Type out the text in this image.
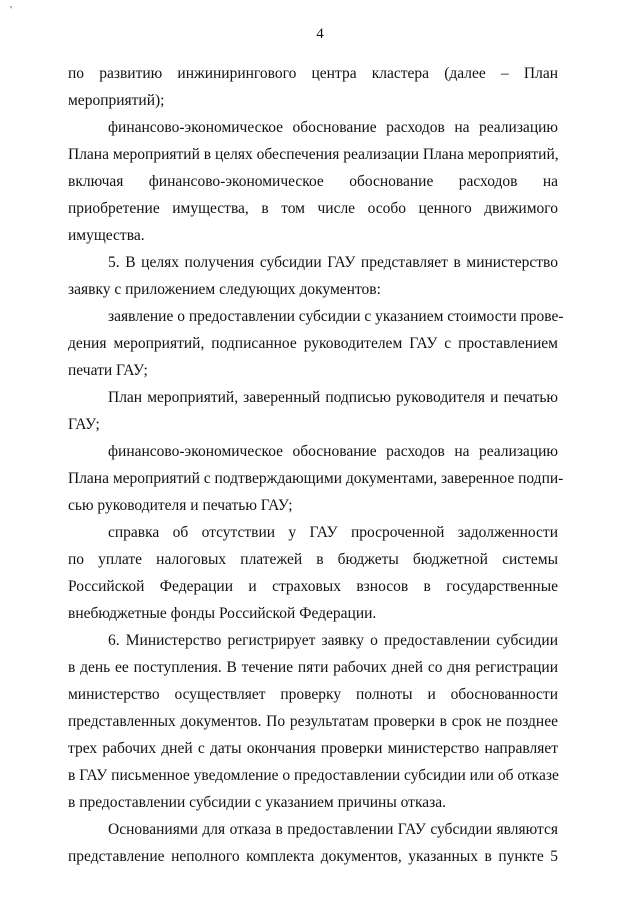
'
4
по развитию инжинирингового центра кластера (далее – План
мероприятий);
финансово-экономическое обоснование расходов на реализацию
Плана мероприятий в целях обеспечения реализации Плана мероприятий,
включая финансово-экономическое обоснование расходов на
приобретение имущества, в том числе особо ценного движимого
имущества.
5. В целях получения субсидии ГАУ представляет в министерство
заявку с приложением следующих документов:
заявление о предоставлении субсидии с указанием стоимости прове-
дения мероприятий, подписанное руководителем ГАУ с проставлением
печати ГАУ;
План мероприятий, заверенный подписью руководителя и печатью
ГАУ;
финансово-экономическое обоснование расходов на реализацию
Плана мероприятий с подтверждающими документами, заверенное подпи-
сью руководителя и печатью ГАУ;
справка об отсутствии у ГАУ просроченной задолженности
по уплате налоговых платежей в бюджеты бюджетной системы
Российской Федерации и страховых взносов в государственные
внебюджетные фонды Российской Федерации.
6. Министерство регистрирует заявку о предоставлении субсидии
в день ее поступления. В течение пяти рабочих дней со дня регистрации
министерство осуществляет проверку полноты и обоснованности
представленных документов. По результатам проверки в срок не позднее
трех рабочих дней с даты окончания проверки министерство направляет
в ГАУ письменное уведомление о предоставлении субсидии или об отказе
в предоставлении субсидии с указанием причины отказа.
Основаниями для отказа в предоставлении ГАУ субсидии являются
представление неполного комплекта документов, указанных в пункте 5
